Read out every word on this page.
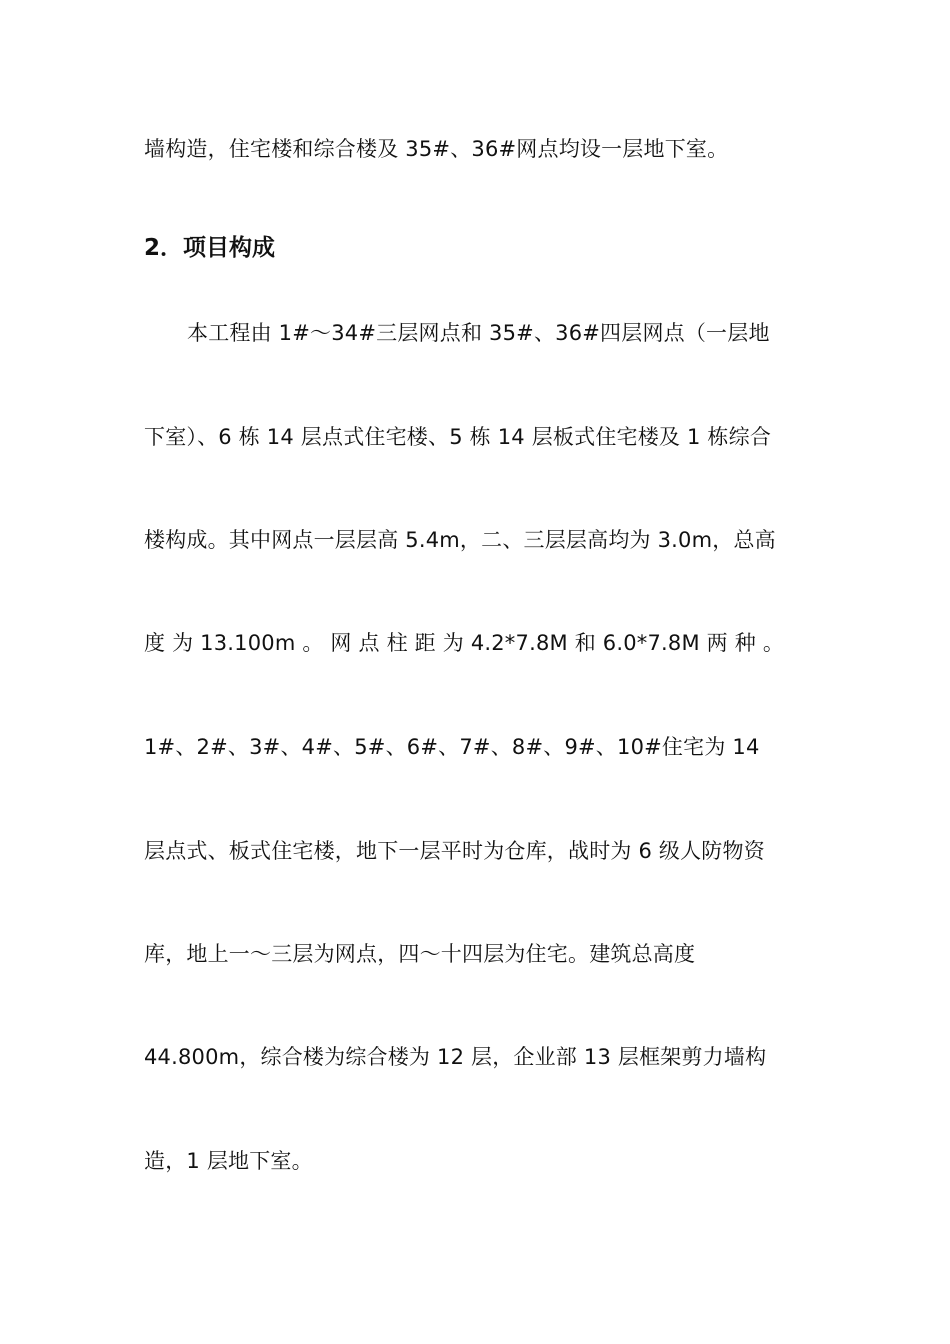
墙构造，住宅楼和综合楼及 35#、36#网点均设一层地下室。
2．项目构成
本工程由 1#～34#三层网点和 35#、36#四层网点（一层地
下室）、6 栋 14 层点式住宅楼、5 栋 14 层板式住宅楼及 1 栋综合
楼构成。其中网点一层层高 5.4m，二、三层层高均为 3.0m，总高
度 为 13.100m 。 网 点 柱 距 为 4.2*7.8M 和 6.0*7.8M 两 种 。
1#、2#、3#、4#、5#、6#、7#、8#、9#、10#住宅为 14
层点式、板式住宅楼，地下一层平时为仓库，战时为 6 级人防物资
库，地上一～三层为网点，四～十四层为住宅。建筑总高度
44.800m，综合楼为综合楼为 12 层，企业部 13 层框架剪力墙构
造，1 层地下室。
